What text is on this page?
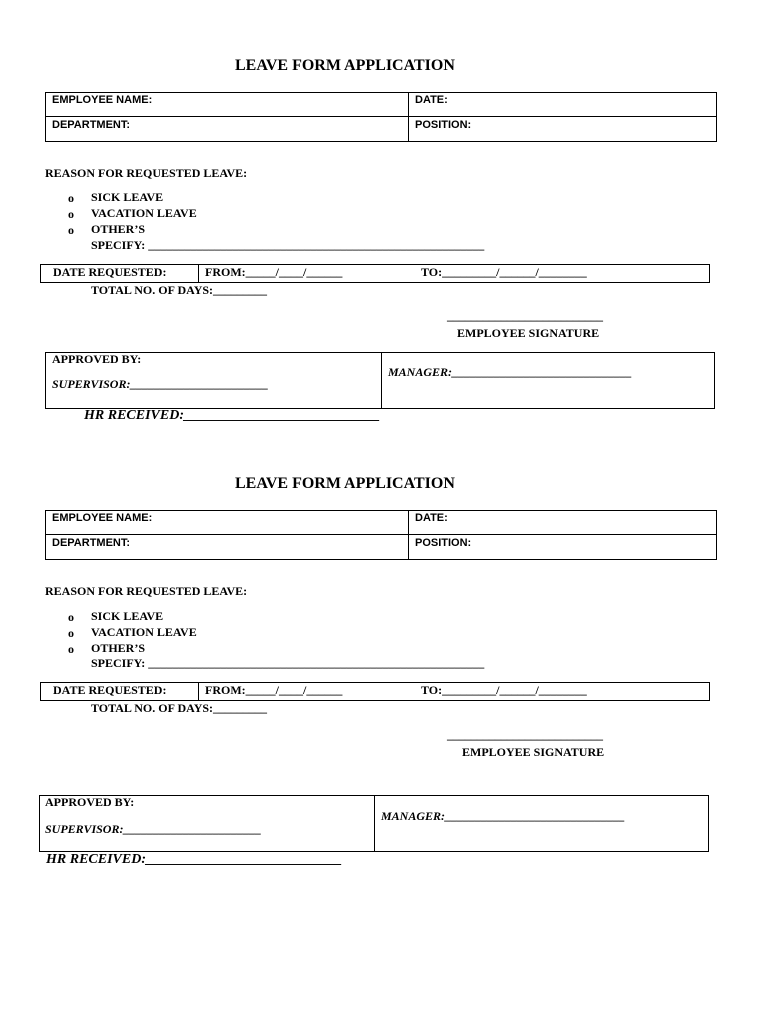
LEAVE FORM APPLICATION
EMPLOYEE NAME:	DATE:
DEPARTMENT:	POSITION:
REASON FOR REQUESTED LEAVE:
o SICK LEAVE
o VACATION LEAVE
o OTHER’S
SPECIFY: ________________________________________________________
DATE REQUESTED:	FROM:_____/____/______	TO:_________/______/________
TOTAL NO. OF DAYS:_________
__________________________
EMPLOYEE SIGNATURE
APPROVED BY:
SUPERVISOR:_______________________
MANAGER:______________________________
HR RECEIVED:____________________________
LEAVE FORM APPLICATION
EMPLOYEE NAME:	DATE:
DEPARTMENT:	POSITION:
REASON FOR REQUESTED LEAVE:
o SICK LEAVE
o VACATION LEAVE
o OTHER’S
SPECIFY: ________________________________________________________
DATE REQUESTED:	FROM:_____/____/______	TO:_________/______/________
TOTAL NO. OF DAYS:_________
__________________________
EMPLOYEE SIGNATURE
APPROVED BY:
SUPERVISOR:_______________________
MANAGER:______________________________
HR RECEIVED:____________________________
